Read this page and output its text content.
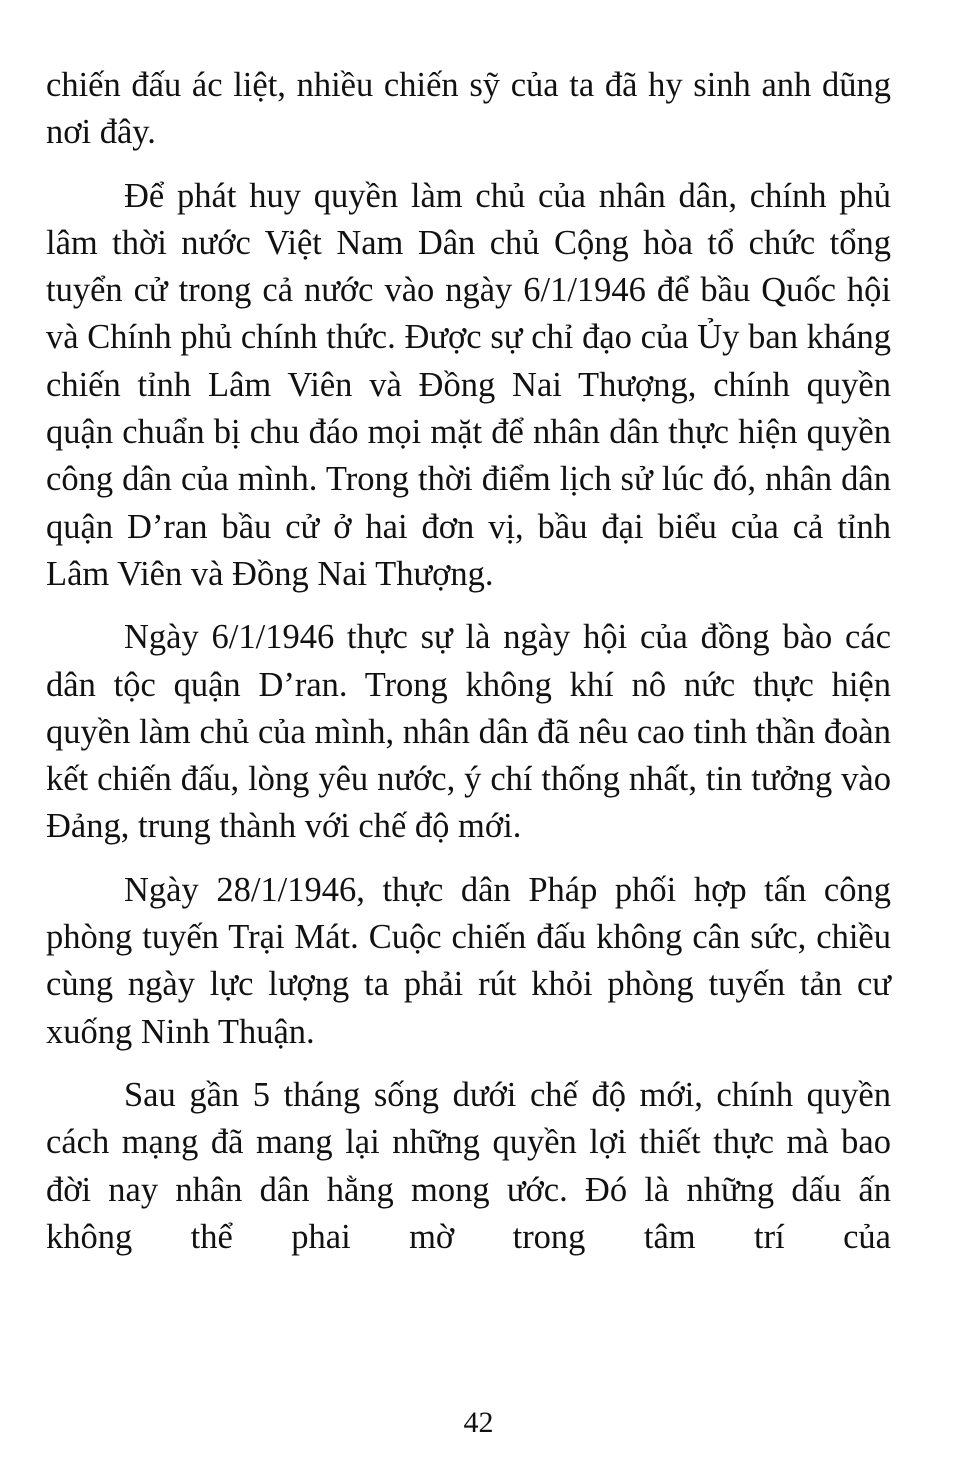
chiến đấu ác liệt, nhiều chiến sỹ của ta đã hy sinh anh dũng nơi đây.

Để phát huy quyền làm chủ của nhân dân, chính phủ lâm thời nước Việt Nam Dân chủ Cộng hòa tổ chức tổng tuyển cử trong cả nước vào ngày 6/1/1946 để bầu Quốc hội và Chính phủ chính thức. Được sự chỉ đạo của Ủy ban kháng chiến tỉnh Lâm Viên và Đồng Nai Thượng, chính quyền quận chuẩn bị chu đáo mọi mặt để nhân dân thực hiện quyền công dân của mình. Trong thời điểm lịch sử lúc đó, nhân dân quận D’ran bầu cử ở hai đơn vị, bầu đại biểu của cả tỉnh Lâm Viên và Đồng Nai Thượng.

Ngày 6/1/1946 thực sự là ngày hội của đồng bào các dân tộc quận D’ran. Trong không khí nô nức thực hiện quyền làm chủ của mình, nhân dân đã nêu cao tinh thần đoàn kết chiến đấu, lòng yêu nước, ý chí thống nhất, tin tưởng vào Đảng, trung thành với chế độ mới.

Ngày 28/1/1946, thực dân Pháp phối hợp tấn công phòng tuyến Trại Mát. Cuộc chiến đấu không cân sức, chiều cùng ngày lực lượng ta phải rút khỏi phòng tuyến tản cư xuống Ninh Thuận.

Sau gần 5 tháng sống dưới chế độ mới, chính quyền cách mạng đã mang lại những quyền lợi thiết thực mà bao đời nay nhân dân hằng mong ước. Đó là những dấu ấn không thể phai mờ trong tâm trí của

42
